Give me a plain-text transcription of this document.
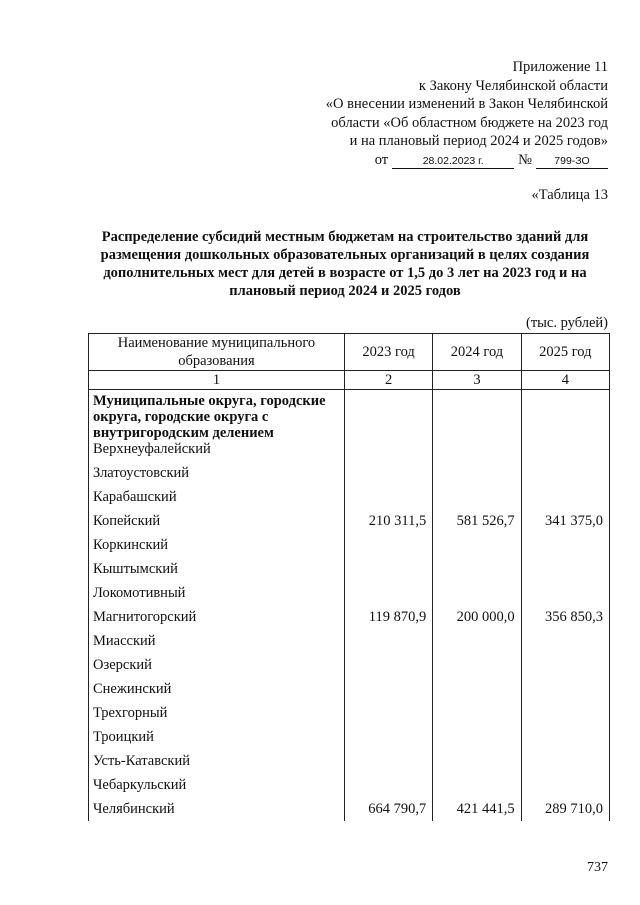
Приложение 11
к Закону Челябинской области
«О внесении изменений в Закон Челябинской
области «Об областном бюджете на 2023 год
и на плановый период 2024 и 2025 годов»
от	28.02.2023 г. № 799-ЗО
«Таблица 13
Распределение субсидий местным бюджетам на строительство зданий для размещения дошкольных образовательных организаций в целях создания дополнительных мест для детей в возрасте от 1,5 до 3 лет на 2023 год и на плановый период 2024 и 2025 годов
(тыс. рублей)
Наименование муниципального образования	2023 год	2024 год	2025 год
1	2	3	4
Муниципальные округа, городские округа, городские округа с внутригородским делением			
Верхнеуфалейский			
Златоустовский			
Карабашский			
Копейский	210 311,5	581 526,7	341 375,0
Коркинский			
Кыштымский			
Локомотивный			
Магнитогорский	119 870,9	200 000,0	356 850,3
Миасский			
Озерский			
Снежинский			
Трехгорный			
Троицкий			
Усть-Катавский			
Чебаркульский			
Челябинский	664 790,7	421 441,5	289 710,0
737
